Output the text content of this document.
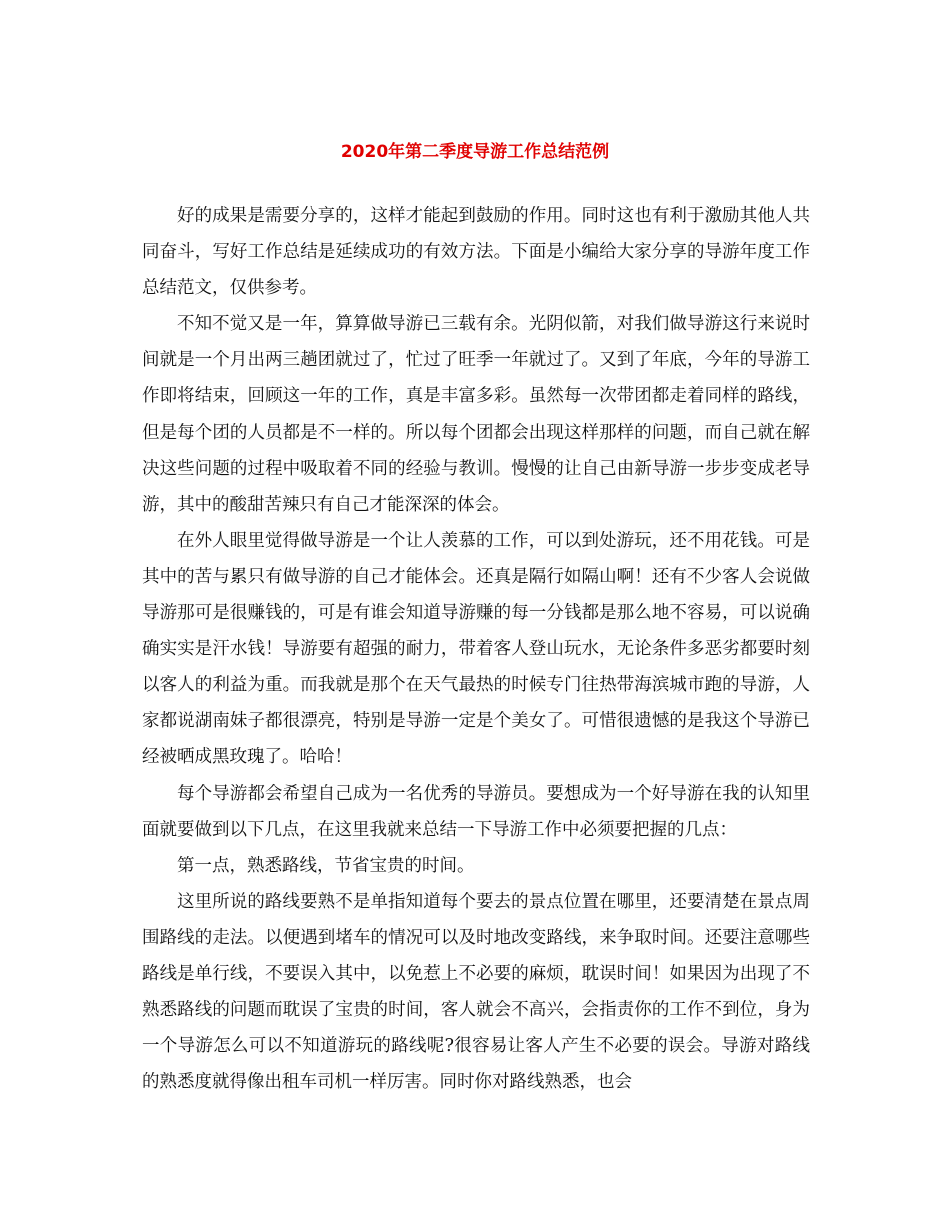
2020年第二季度导游工作总结范例

好的成果是需要分享的，这样才能起到鼓励的作用。同时这也有利于激励其他人共同奋斗，写好工作总结是延续成功的有效方法。下面是小编给大家分享的导游年度工作总结范文，仅供参考。

不知不觉又是一年，算算做导游已三载有余。光阴似箭，对我们做导游这行来说时间就是一个月出两三趟团就过了，忙过了旺季一年就过了。又到了年底，今年的导游工作即将结束，回顾这一年的工作，真是丰富多彩。虽然每一次带团都走着同样的路线，但是每个团的人员都是不一样的。所以每个团都会出现这样那样的问题，而自己就在解决这些问题的过程中吸取着不同的经验与教训。慢慢的让自己由新导游一步步变成老导游，其中的酸甜苦辣只有自己才能深深的体会。

在外人眼里觉得做导游是一个让人羡慕的工作，可以到处游玩，还不用花钱。可是其中的苦与累只有做导游的自己才能体会。还真是隔行如隔山啊！还有不少客人会说做导游那可是很赚钱的，可是有谁会知道导游赚的每一分钱都是那么地不容易，可以说确确实实是汗水钱！导游要有超强的耐力，带着客人登山玩水，无论条件多恶劣都要时刻以客人的利益为重。而我就是那个在天气最热的时候专门往热带海滨城市跑的导游，人家都说湖南妹子都很漂亮，特别是导游一定是个美女了。可惜很遗憾的是我这个导游已经被晒成黑玫瑰了。哈哈！

每个导游都会希望自己成为一名优秀的导游员。要想成为一个好导游在我的认知里面就要做到以下几点，在这里我就来总结一下导游工作中必须要把握的几点：

第一点，熟悉路线，节省宝贵的时间。

这里所说的路线要熟不是单指知道每个要去的景点位置在哪里，还要清楚在景点周围路线的走法。以便遇到堵车的情况可以及时地改变路线，来争取时间。还要注意哪些路线是单行线，不要误入其中，以免惹上不必要的麻烦，耽误时间！如果因为出现了不熟悉路线的问题而耽误了宝贵的时间，客人就会不高兴，会指责你的工作不到位，身为一个导游怎么可以不知道游玩的路线呢?很容易让客人产生不必要的误会。导游对路线的熟悉度就得像出租车司机一样厉害。同时你对路线熟悉，也会
